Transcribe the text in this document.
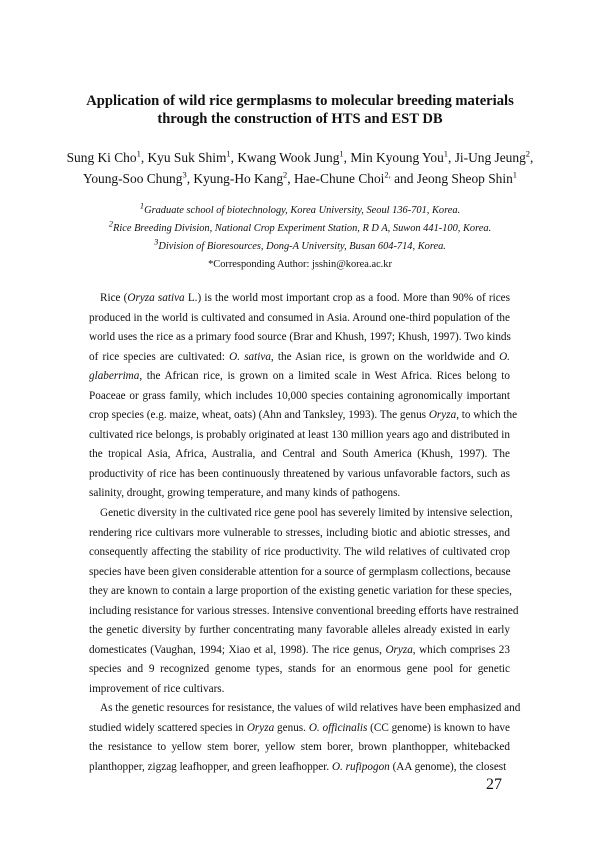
Application of wild rice germplasms to molecular breeding materials
through the construction of HTS and EST DB
Sung Ki Cho$^1$, Kyu Suk Shim$^1$, Kwang Wook Jung$^1$, Min Kyoung You$^1$, Ji-Ung Jeung$^2$,
Young-Soo Chung$^3$, Kyung-Ho Kang$^2$, Hae-Chune Choi$^{2,}$ and Jeong Sheop Shin$^1$
$^1$Graduate school of biotechnology, Korea University, Seoul 136-701, Korea.
$^2$Rice Breeding Division, National Crop Experiment Station, R D A, Suwon 441-100, Korea.
$^3$Division of Bioresources, Dong-A University, Busan 604-714, Korea.
*Corresponding Author: jsshin@korea.ac.kr
Rice (Oryza sativa L.) is the world most important crop as a food. More than 90% of rices
produced in the world is cultivated and consumed in Asia. Around one-third population of the
world uses the rice as a primary food source (Brar and Khush, 1997; Khush, 1997). Two kinds
of rice species are cultivated: O. sativa, the Asian rice, is grown on the worldwide and O.
glaberrima, the African rice, is grown on a limited scale in West Africa. Rices belong to
Poaceae or grass family, which includes 10,000 species containing agronomically important
crop species (e.g. maize, wheat, oats) (Ahn and Tanksley, 1993). The genus Oryza, to which the
cultivated rice belongs, is probably originated at least 130 million years ago and distributed in
the tropical Asia, Africa, Australia, and Central and South America (Khush, 1997). The
productivity of rice has been continuously threatened by various unfavorable factors, such as
salinity, drought, growing temperature, and many kinds of pathogens.
Genetic diversity in the cultivated rice gene pool has severely limited by intensive selection,
rendering rice cultivars more vulnerable to stresses, including biotic and abiotic stresses, and
consequently affecting the stability of rice productivity. The wild relatives of cultivated crop
species have been given considerable attention for a source of germplasm collections, because
they are known to contain a large proportion of the existing genetic variation for these species,
including resistance for various stresses. Intensive conventional breeding efforts have restrained
the genetic diversity by further concentrating many favorable alleles already existed in early
domesticates (Vaughan, 1994; Xiao et al, 1998). The rice genus, Oryza, which comprises 23
species and 9 recognized genome types, stands for an enormous gene pool for genetic
improvement of rice cultivars.
As the genetic resources for resistance, the values of wild relatives have been emphasized and
studied widely scattered species in Oryza genus. O. officinalis (CC genome) is known to have
the resistance to yellow stem borer, yellow stem borer, brown planthopper, whitebacked
planthopper, zigzag leafhopper, and green leafhopper. O. rufipogon (AA genome), the closest
27
